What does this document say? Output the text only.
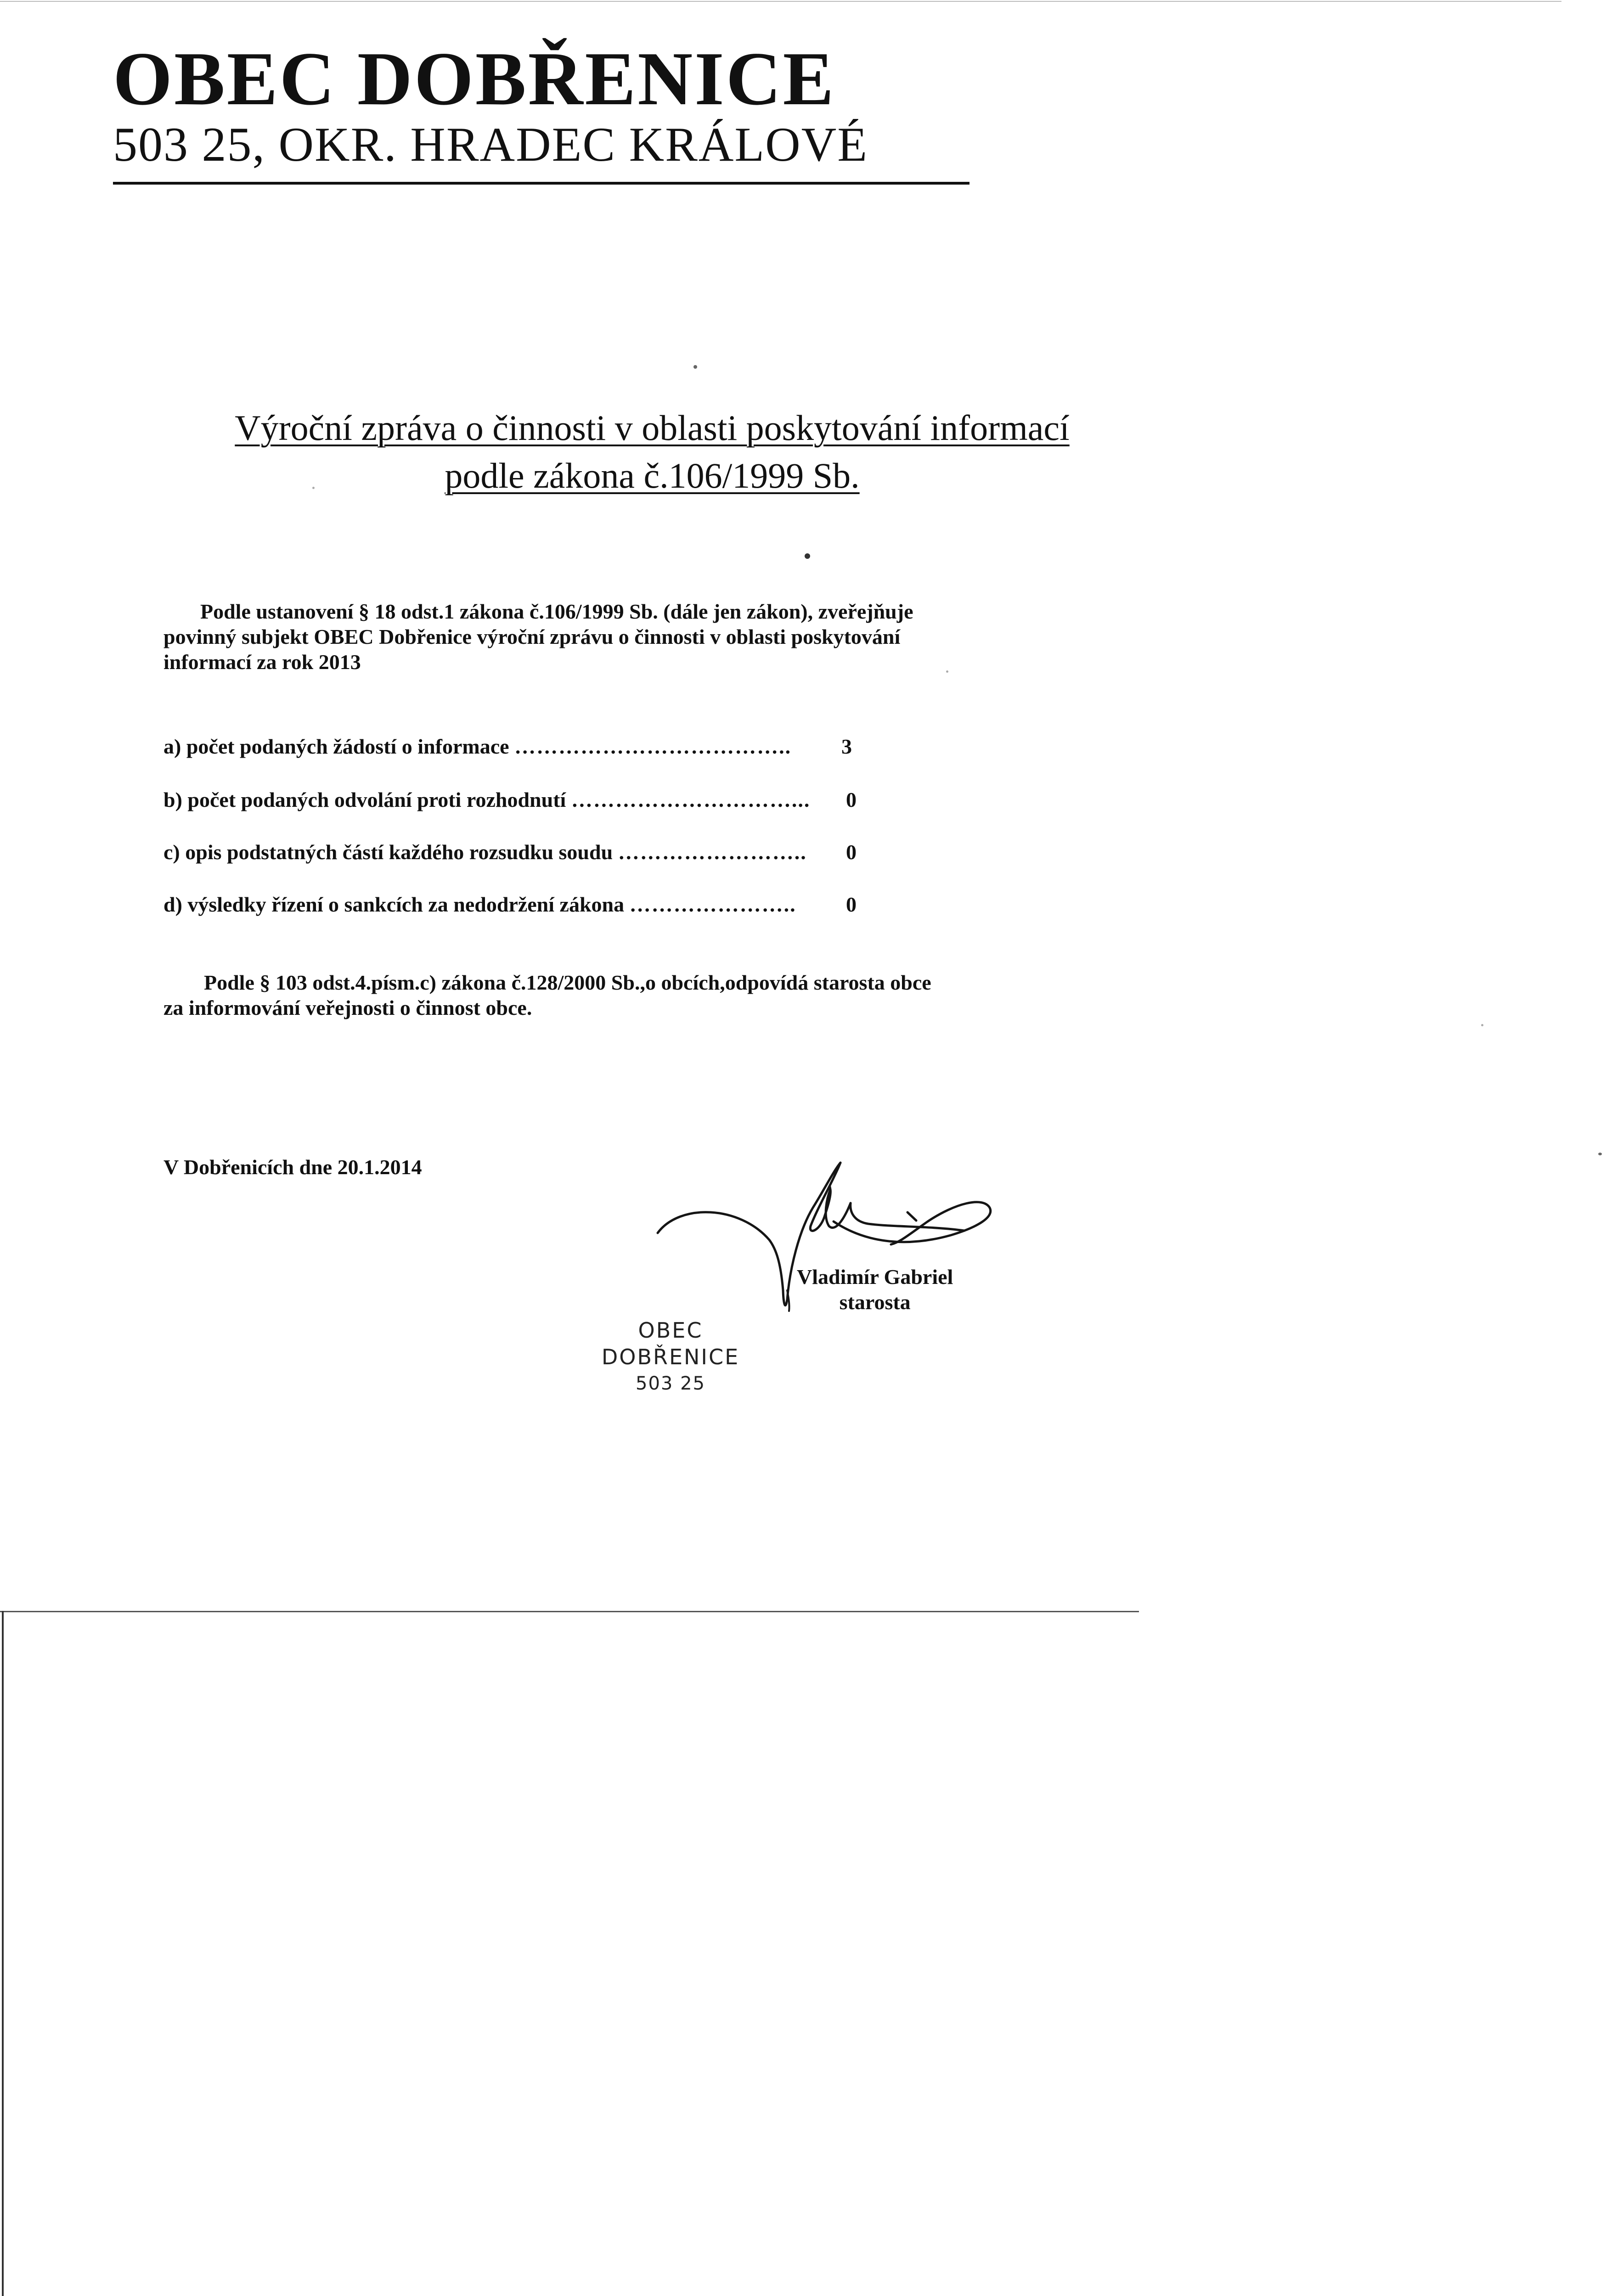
OBEC DOBŘENICE
503 25, OKR. HRADEC KRÁLOVÉ
Výroční zpráva o činnosti v oblasti poskytování informací
podle zákona č.106/1999 Sb.

Podle ustanovení § 18 odst.1 zákona č.106/1999 Sb. (dále jen zákon), zveřejňuje

povinný subjekt OBEC Dobřenice výroční zprávu o činnosti v oblasti poskytování

informací za rok 2013

a) počet podaných žádostí o informace ……………………………….. 3
b) počet podaných odvolání proti rozhodnutí …………………………... 0
c) opis podstatných částí každého rozsudku soudu …………………….. 0
d) výsledky řízení o sankcích za nedodržení zákona ………………….. 0

Podle § 103 odst.4.písm.c) zákona č.128/2000 Sb.,o obcích,odpovídá starosta obce

za informování veřejnosti o činnost obce.

V Dobřenicích dne 20.1.2014
Vladimír Gabriel
starosta
OBEC
DOBŘENICE
503 25
